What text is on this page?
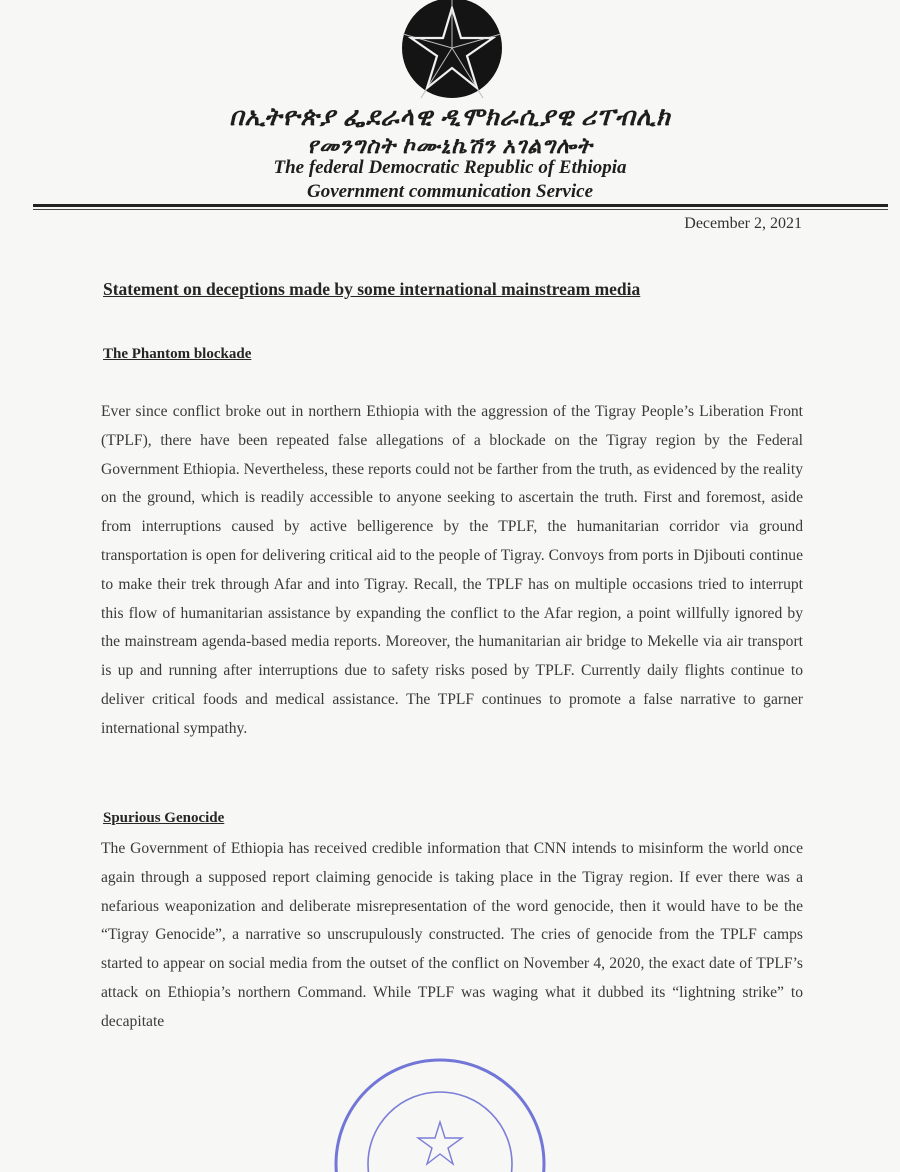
በኢትዮጵያ ፌደራላዊ ዲሞክራሲያዊ ሪፐብሊክ
የመንግስት ኮሙኒኬሽን አገልግሎት
The federal Democratic Republic of Ethiopia
Government communication Service
December 2, 2021
Statement on deceptions made by some international mainstream media
The Phantom blockade
Ever since conflict broke out in northern Ethiopia with the aggression of the Tigray People’s Liberation Front (TPLF), there have been repeated false allegations of a blockade on the Tigray region by the Federal Government Ethiopia. Nevertheless, these reports could not be farther from the truth, as evidenced by the reality on the ground, which is readily accessible to anyone seeking to ascertain the truth. First and foremost, aside from interruptions caused by active belligerence by the TPLF, the humanitarian corridor via ground transportation is open for delivering critical aid to the people of Tigray. Convoys from ports in Djibouti continue to make their trek through Afar and into Tigray. Recall, the TPLF has on multiple occasions tried to interrupt this flow of humanitarian assistance by expanding the conflict to the Afar region, a point willfully ignored by the mainstream agenda-based media reports. Moreover, the humanitarian air bridge to Mekelle via air transport is up and running after interruptions due to safety risks posed by TPLF. Currently daily flights continue to deliver critical foods and medical assistance. The TPLF continues to promote a false narrative to garner international sympathy.
Spurious Genocide
The Government of Ethiopia has received credible information that CNN intends to misinform the world once again through a supposed report claiming genocide is taking place in the Tigray region. If ever there was a nefarious weaponization and deliberate misrepresentation of the word genocide, then it would have to be the “Tigray Genocide”, a narrative so unscrupulously constructed. The cries of genocide from the TPLF camps started to appear on social media from the outset of the conflict on November 4, 2020, the exact date of TPLF’s attack on Ethiopia’s northern Command. While TPLF was waging what it dubbed its “lightning strike” to decapitate
